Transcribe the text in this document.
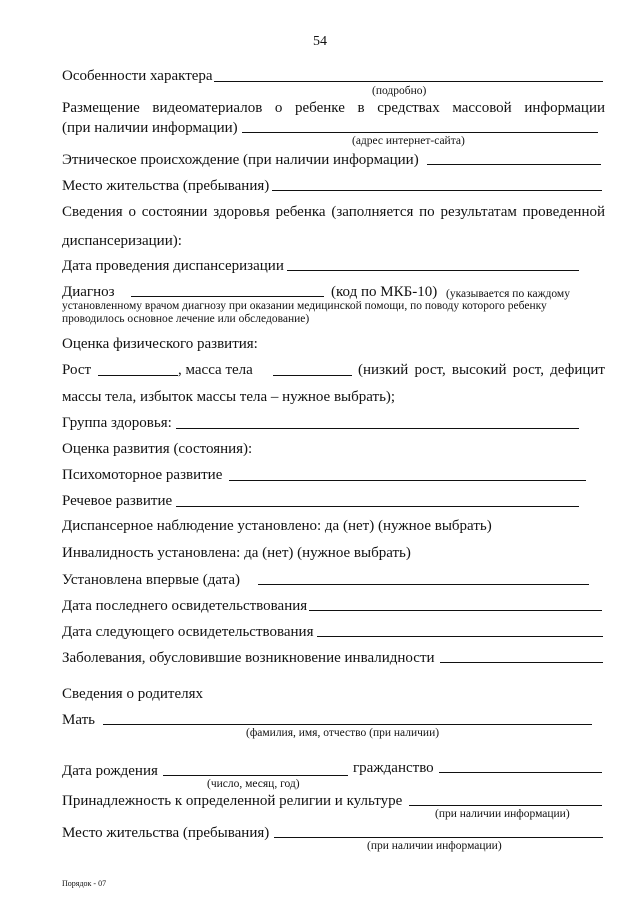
54
Особенности характера
(подробно)
Размещение видеоматериалов о ребенке в средствах массовой информации
(при наличии информации)
(адрес интернет-сайта)
Этническое происхождение (при наличии информации)
Место жительства (пребывания)
Сведения о состоянии здоровья ребенка (заполняется по результатам проведенной
диспансеризации):
Дата проведения диспансеризации
Диагноз	(код по МКБ-10) (указывается по каждому
установленному врачом диагнозу при оказании медицинской помощи, по поводу которого ребенку
проводилось основное лечение или обследование)
Оценка физического развития:
Рост	, масса тела	(низкий рост, высокий рост, дефицит
массы тела, избыток массы тела – нужное выбрать);
Группа здоровья:
Оценка развития (состояния):
Психомоторное развитие
Речевое развитие
Диспансерное наблюдение установлено: да (нет) (нужное выбрать)
Инвалидность установлена: да (нет) (нужное выбрать)
Установлена впервые (дата)
Дата последнего освидетельствования
Дата следующего освидетельствования
Заболевания, обусловившие возникновение инвалидности
Сведения о родителях
Мать
(фамилия, имя, отчество (при наличии)
Дата рождения	гражданство
(число, месяц, год)
Принадлежность к определенной религии и культуре
(при наличии информации)
Место жительства (пребывания)
(при наличии информации)
Порядок - 07
